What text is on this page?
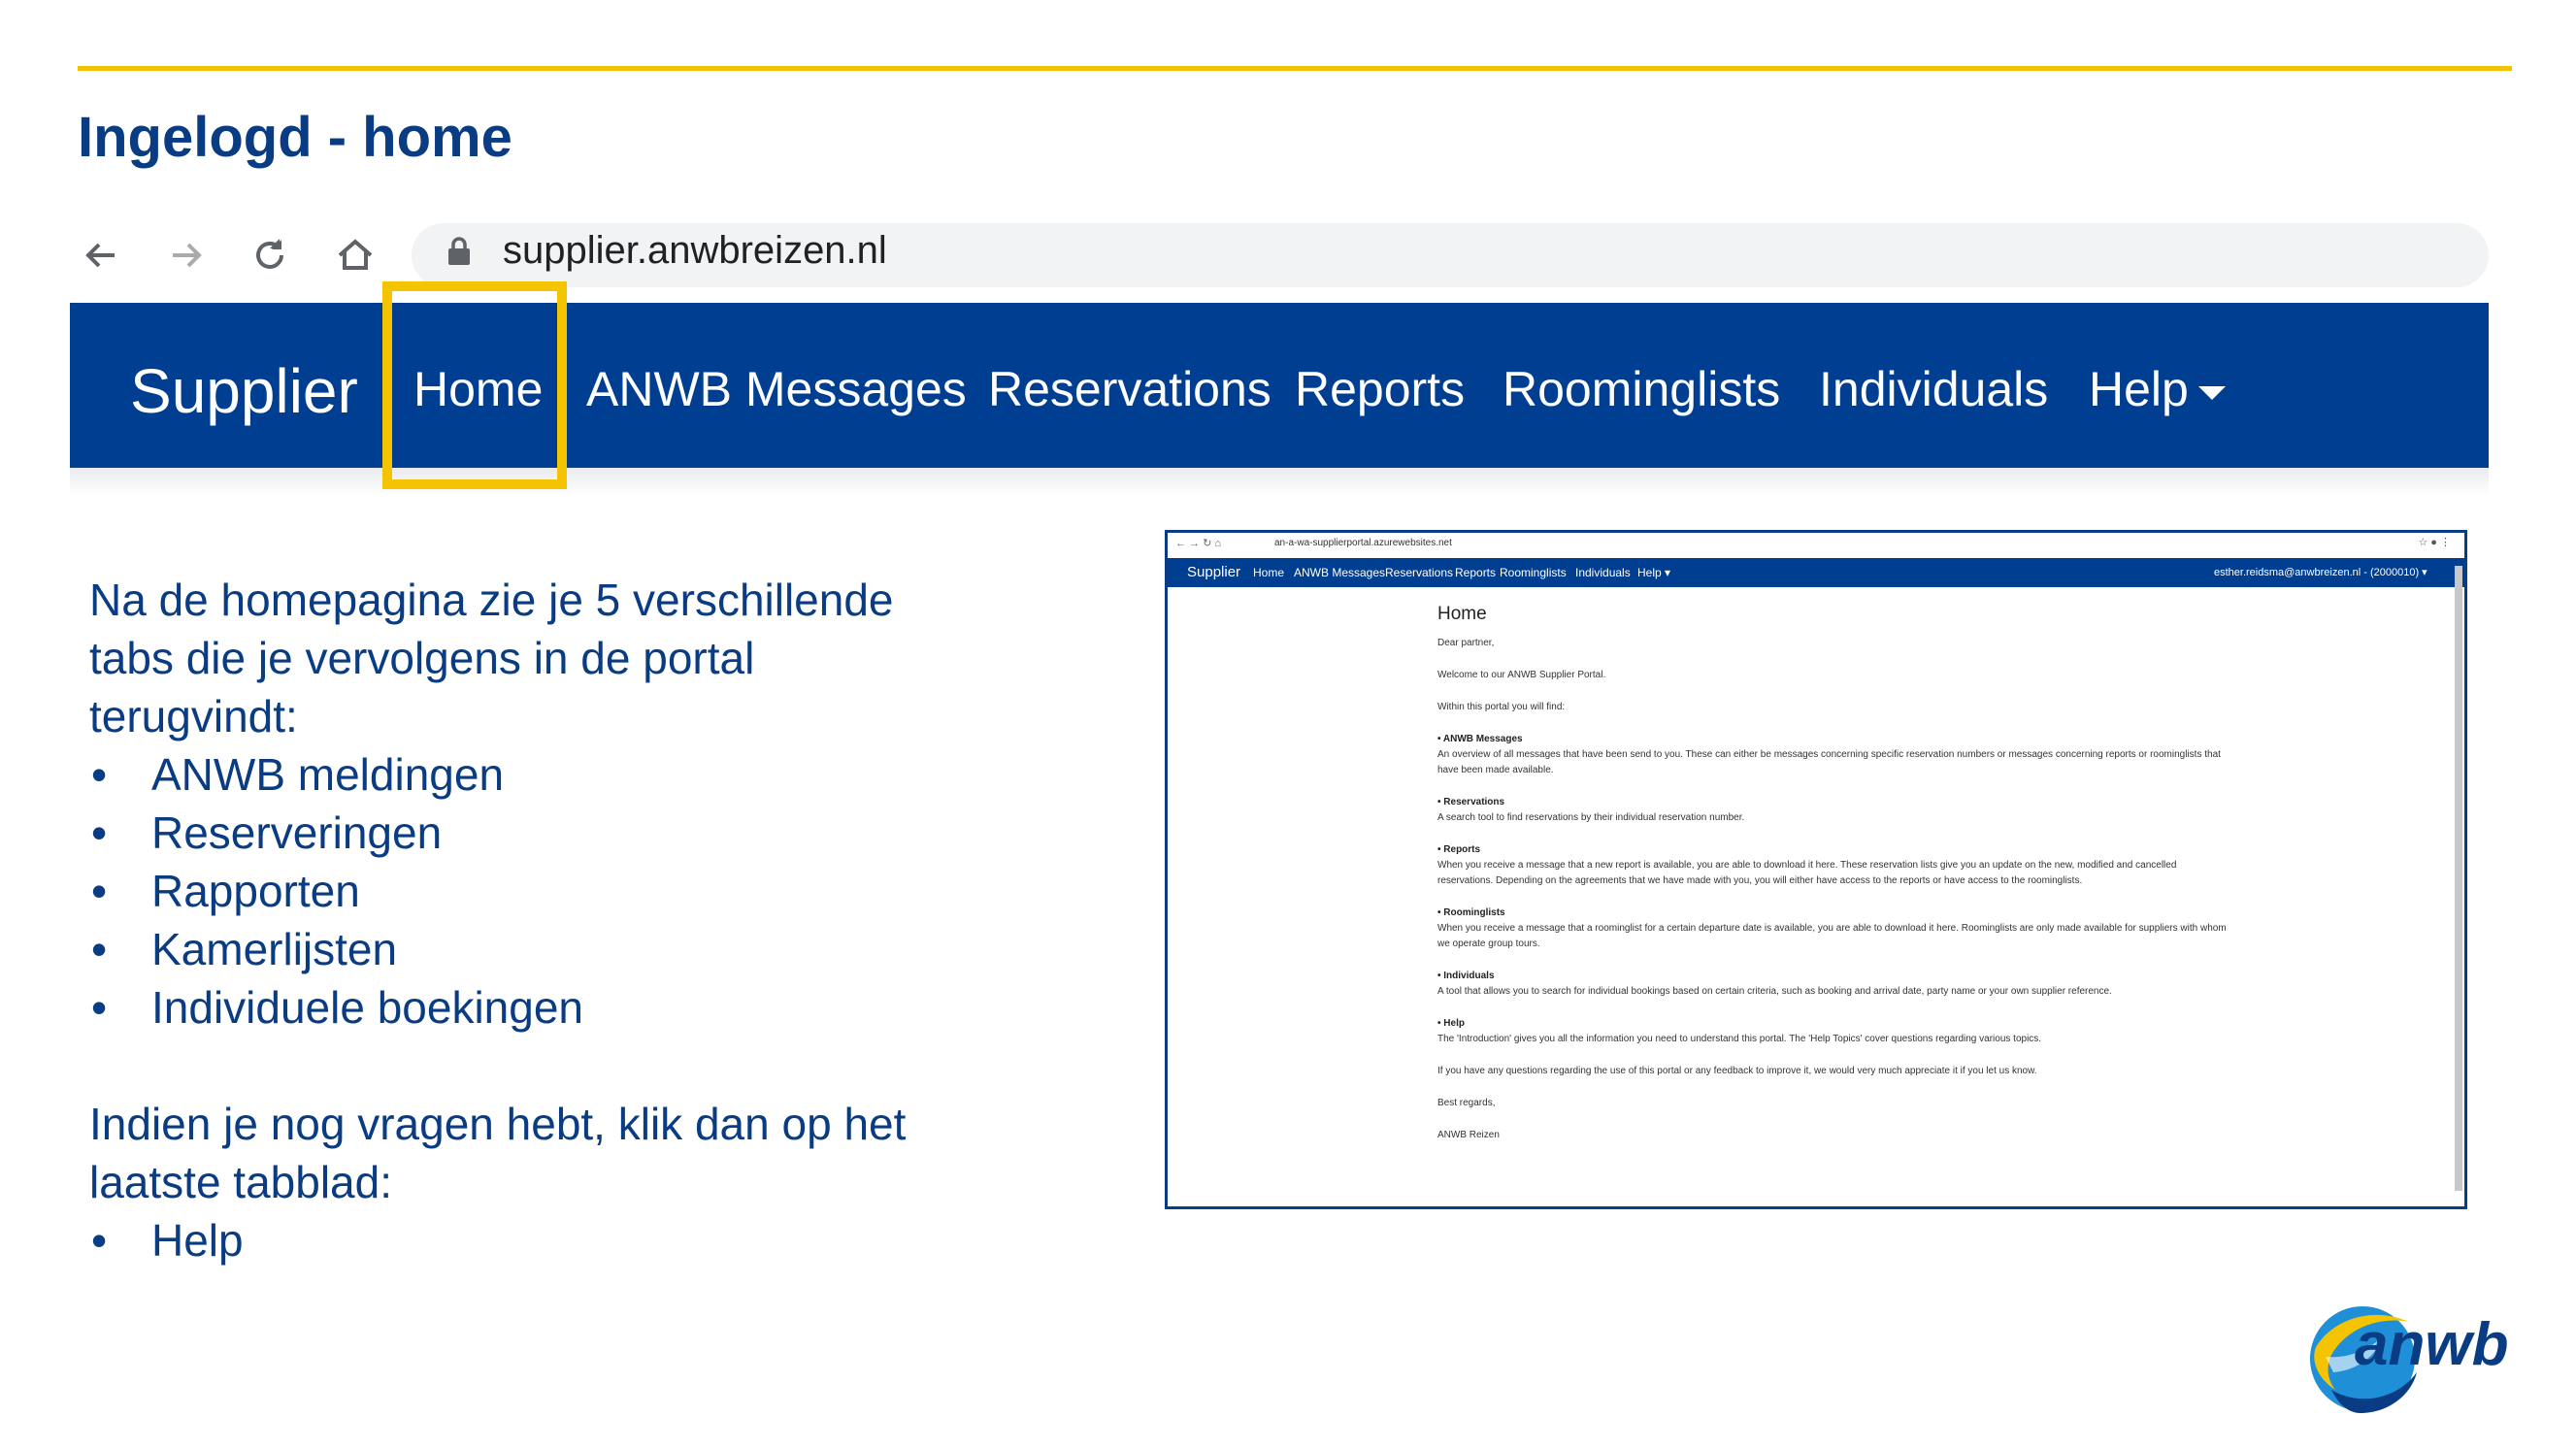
Ingelogd - home
supplier.anwbreizen.nl
Supplier Home ANWB Messages Reservations Reports Roominglists Individuals Help
Na de homepagina zie je 5 verschillende
tabs die je vervolgens in de portal
terugvindt:
• ANWB meldingen
• Reserveringen
• Rapporten
• Kamerlijsten
• Individuele boekingen
Indien je nog vragen hebt, klik dan op het
laatste tabblad:
• Help
← → ↻ ⌂	an-a-wa-supplierportal.azurewebsites.net	☆ ● ⋮
Supplier Home ANWB Messages Reservations Reports Roominglists Individuals Help ▾	esther.reidsma@anwbreizen.nl - (2000010) ▾
Home

Dear partner,

Welcome to our ANWB Supplier Portal.

Within this portal you will find:

• ANWB Messages
An overview of all messages that have been send to you. These can either be messages concerning specific reservation numbers or messages concerning reports or roominglists that have been made available.

• Reservations
A search tool to find reservations by their individual reservation number.

• Reports
When you receive a message that a new report is available, you are able to download it here. These reservation lists give you an update on the new, modified and cancelled reservations. Depending on the agreements that we have made with you, you will either have access to the reports or have access to the roominglists.

• Roominglists
When you receive a message that a roominglist for a certain departure date is available, you are able to download it here. Roominglists are only made available for suppliers with whom we operate group tours.

• Individuals
A tool that allows you to search for individual bookings based on certain criteria, such as booking and arrival date, party name or your own supplier reference.

• Help
The 'Introduction' gives you all the information you need to understand this portal. The 'Help Topics' cover questions regarding various topics.

If you have any questions regarding the use of this portal or any feedback to improve it, we would very much appreciate it if you let us know.

Best regards,

ANWB Reizen

anwb
